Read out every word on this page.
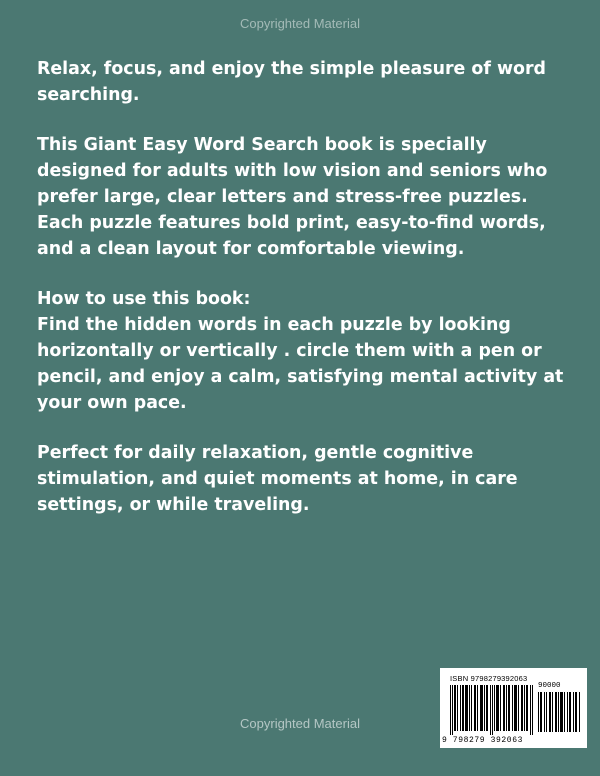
Copyrighted Material

Relax, focus, and enjoy the simple pleasure of word searching.

This Giant Easy Word Search book is specially designed for adults with low vision and seniors who prefer large, clear letters and stress-free puzzles. Each puzzle features bold print, easy-to-find words, and a clean layout for comfortable viewing.

How to use this book:

Find the hidden words in each puzzle by looking horizontally or vertically . circle them with a pen or pencil, and enjoy a calm, satisfying mental activity at your own pace.

Perfect for daily relaxation, gentle cognitive stimulation, and quiet moments at home, in care settings, or while traveling.

Copyrighted Material
ISBN 9798279392063
90000
9 798279 392063
